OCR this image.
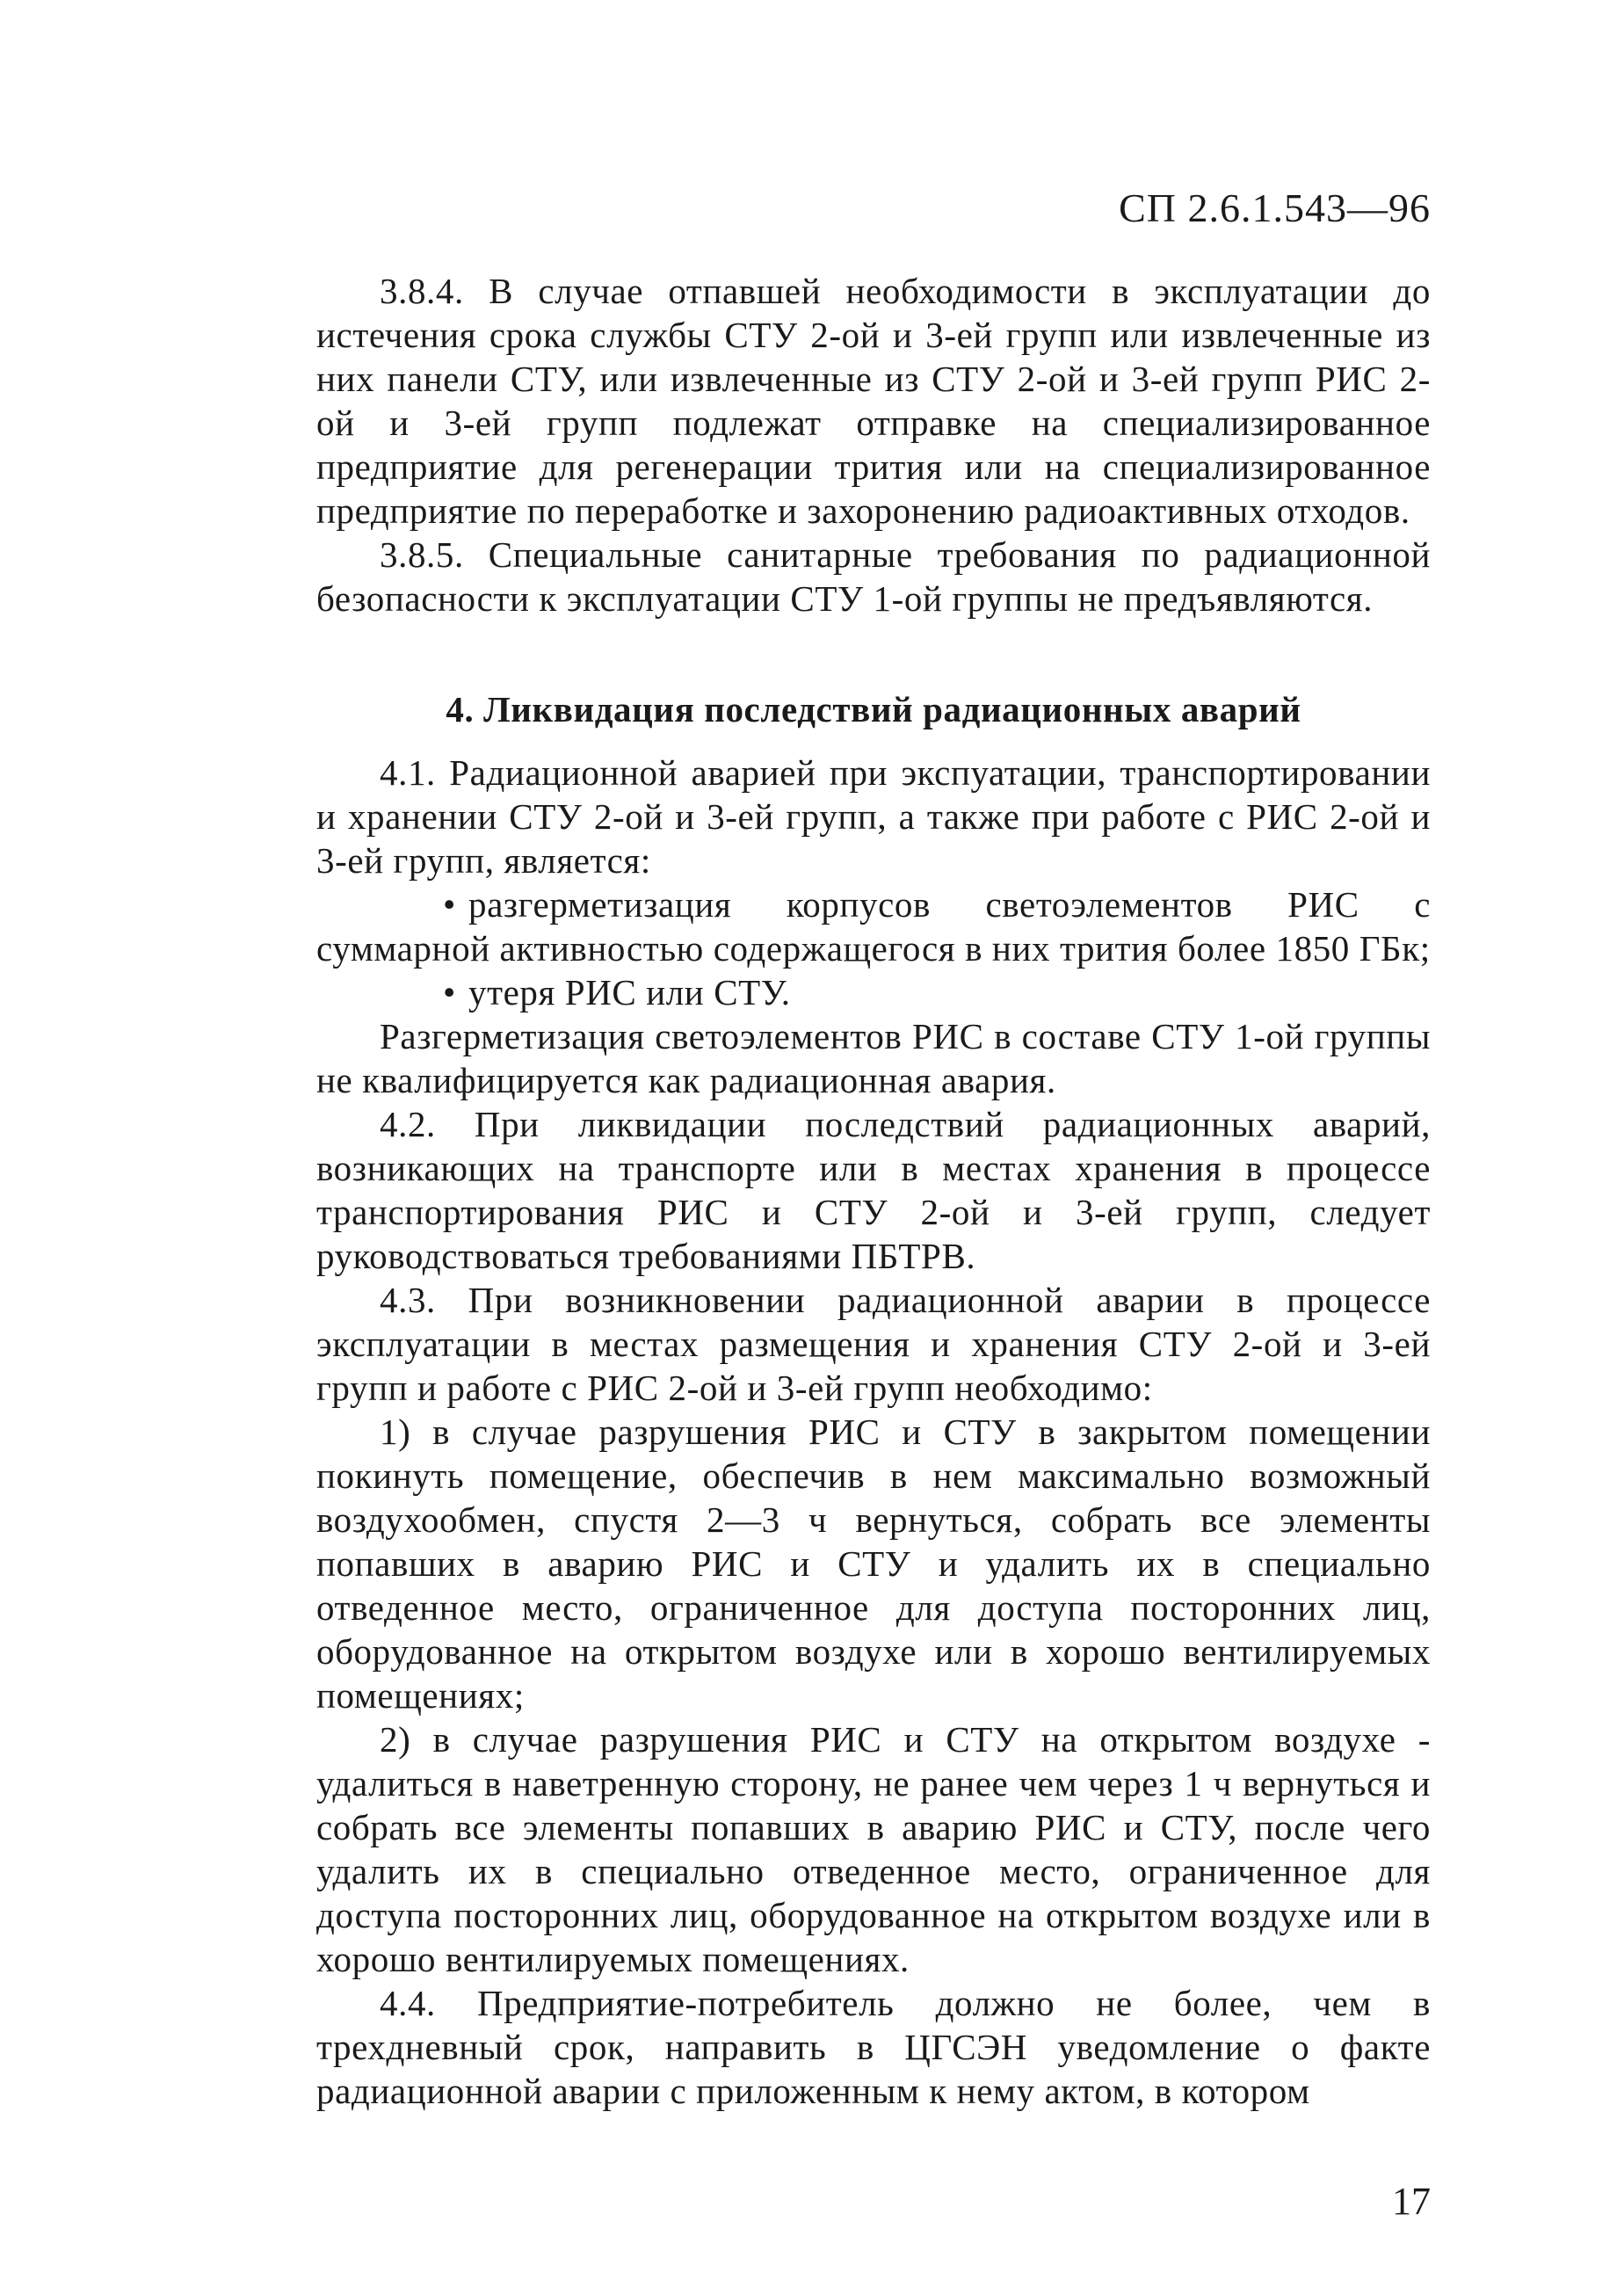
СП 2.6.1.543—96

3.8.4. В случае отпавшей необходимости в эксплуатации до истечения срока службы СТУ 2-ой и 3-ей групп или извлеченные из них панели СТУ, или извлеченные из СТУ 2-ой и 3-ей групп РИС 2-ой и 3-ей групп подлежат отправке на специализированное предприятие для регенерации трития или на специализированное предприятие по переработке и захоронению радиоактивных отходов.

3.8.5. Специальные санитарные требования по радиационной безопасности к эксплуатации СТУ 1-ой группы не предъявляются.

4. Ликвидация последствий радиационных аварий

4.1. Радиационной аварией при экспуатации, транспортировании и хранении СТУ 2-ой и 3-ей групп, а также при работе с РИС 2-ой и 3-ей групп, является:

• разгерметизация корпусов светоэлементов РИС с суммарной активностью содержащегося в них трития более 1850 ГБк;

• утеря РИС или СТУ.

Разгерметизация светоэлементов РИС в составе СТУ 1-ой группы не квалифицируется как радиационная авария.

4.2. При ликвидации последствий радиационных аварий, возникающих на транспорте или в местах хранения в процессе транспортирования РИС и СТУ 2-ой и 3-ей групп, следует руководствоваться требованиями ПБТРВ.

4.3. При возникновении радиационной аварии в процессе эксплуатации в местах размещения и хранения СТУ 2-ой и 3-ей групп и работе с РИС 2-ой и 3-ей групп необходимо:

1) в случае разрушения РИС и СТУ в закрытом помещении покинуть помещение, обеспечив в нем максимально возможный воздухообмен, спустя 2—3 ч вернуться, собрать все элементы попавших в аварию РИС и СТУ и удалить их в специально отведенное место, ограниченное для доступа посторонних лиц, оборудованное на открытом воздухе или в хорошо вентилируемых помещениях;

2) в случае разрушения РИС и СТУ на открытом воздухе - удалиться в наветренную сторону, не ранее чем через 1 ч вернуться и собрать все элементы попавших в аварию РИС и СТУ, после чего удалить их в специально отведенное место, ограниченное для доступа посторонних лиц, оборудованное на открытом воздухе или в хорошо вентилируемых помещениях.

4.4. Предприятие-потребитель должно не более, чем в трехдневный срок, направить в ЦГСЭН уведомление о факте радиационной аварии с приложенным к нему актом, в котором

17
